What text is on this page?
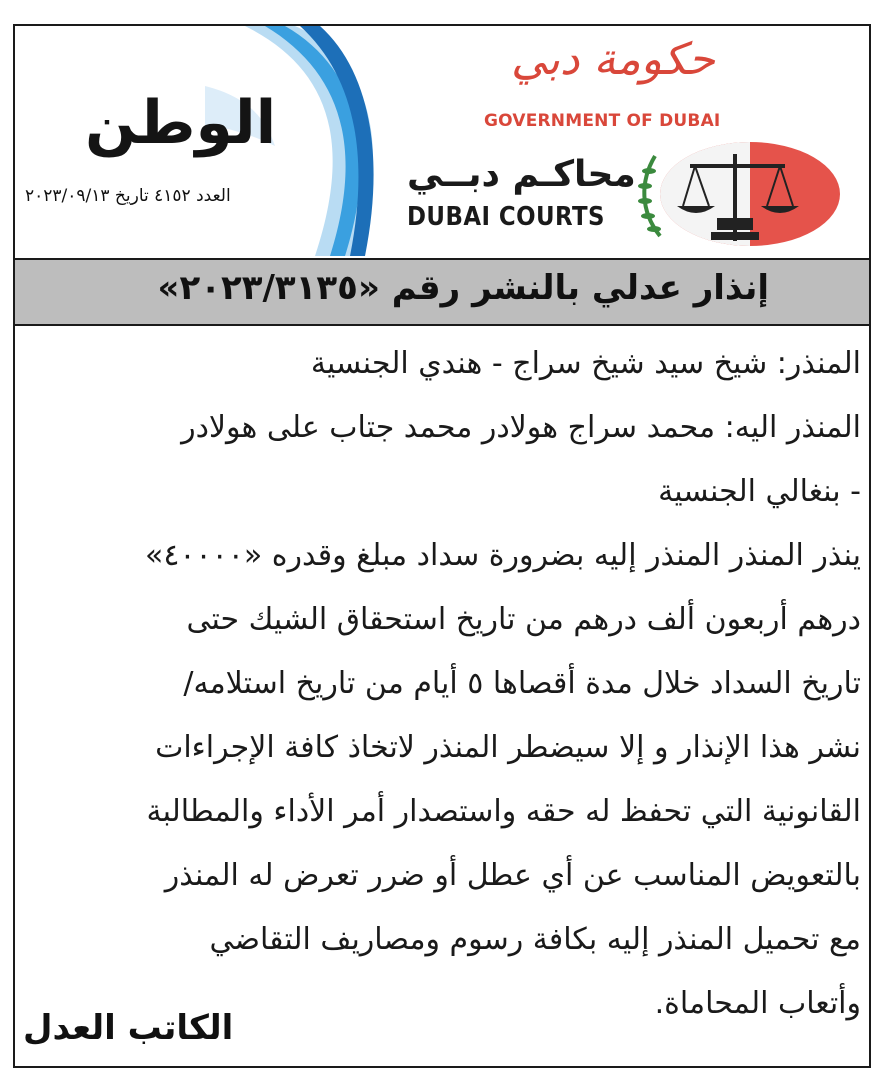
الوطن
العدد ٤١٥٢ تاريخ ٢٠٢٣/٠٩/١٣
حكومة دبي
GOVERNMENT OF DUBAI
محاكـم دبــي
DUBAI COURTS
إنذار عدلي بالنشر رقم «٢٠٢٣/٣١٣٥»

المنذر: شيخ سيد شيخ سراج - هندي الجنسية

المنذر اليه: محمد سراج هولادر محمد جتاب على هولادر

- بنغالي الجنسية

ينذر المنذر المنذر إليه بضرورة سداد مبلغ وقدره «٤٠٠٠٠»

درهم أربعون ألف درهم من تاريخ استحقاق الشيك حتى

تاريخ السداد خلال مدة أقصاها ٥ أيام من تاريخ استلامه/

نشر هذا الإنذار و إلا سيضطر المنذر لاتخاذ كافة الإجراءات

القانونية التي تحفظ له حقه واستصدار أمر الأداء والمطالبة

بالتعويض المناسب عن أي عطل أو ضرر تعرض له المنذر

مع تحميل المنذر إليه بكافة رسوم ومصاريف التقاضي

وأتعاب المحاماة.

الكاتب العدل
